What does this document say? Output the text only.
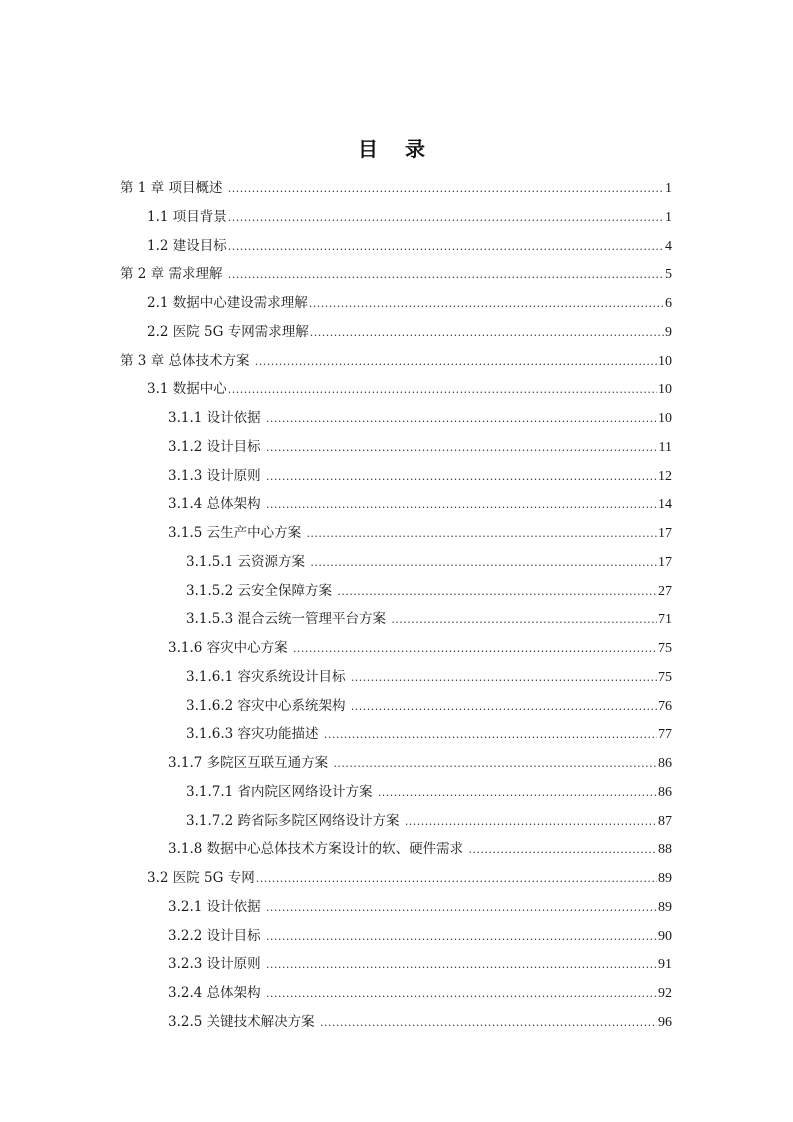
目 录
第 1 章 项目概述 .....	1
1.1 项目背景 .....	1
1.2 建设目标 .....	4
第 2 章 需求理解 .....	5
2.1 数据中心建设需求理解 .....	6
2.2 医院 5G 专网需求理解 .....	9
第 3 章 总体技术方案 .....	10
3.1 数据中心 .....	10
3.1.1 设计依据 .....	10
3.1.2 设计目标 .....	11
3.1.3 设计原则 .....	12
3.1.4 总体架构 .....	14
3.1.5 云生产中心方案 .....	17
3.1.5.1 云资源方案 .....	17
3.1.5.2 云安全保障方案 .....	27
3.1.5.3 混合云统一管理平台方案 .....	71
3.1.6 容灾中心方案 .....	75
3.1.6.1 容灾系统设计目标 .....	75
3.1.6.2 容灾中心系统架构 .....	76
3.1.6.3 容灾功能描述 .....	77
3.1.7 多院区互联互通方案 .....	86
3.1.7.1 省内院区网络设计方案 .....	86
3.1.7.2 跨省际多院区网络设计方案 .....	87
3.1.8 数据中心总体技术方案设计的软、硬件需求 .....	88
3.2 医院 5G 专网 .....	89
3.2.1 设计依据 .....	89
3.2.2 设计目标 .....	90
3.2.3 设计原则 .....	91
3.2.4 总体架构 .....	92
3.2.5 关键技术解决方案 .....	96
